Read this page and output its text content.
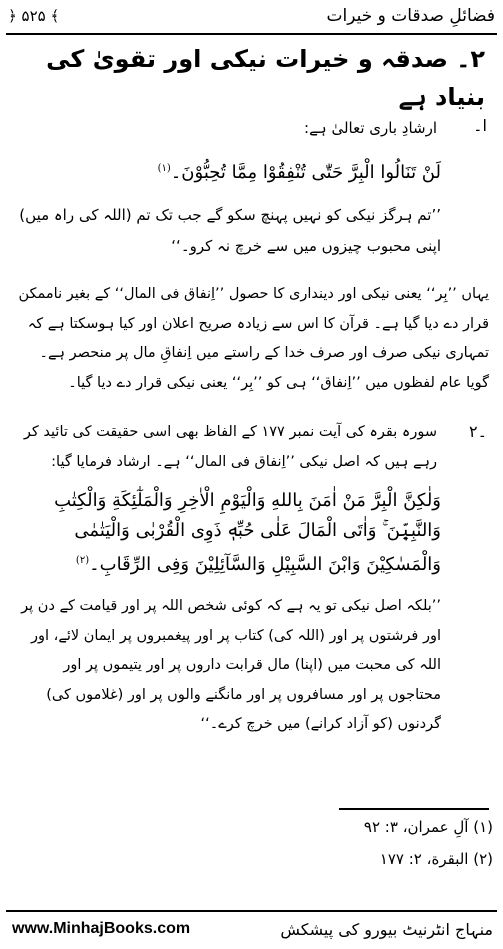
﴿ ۵۲۵ ﴾	فضائلِ صدقات و خیرات
۲۔ صدقہ و خیرات نیکی اور تقویٰ کی بنیاد ہے
ا۔
ارشادِ باری تعالیٰ ہے:
لَنْ تَنَالُوا الْبِرَّ حَتّٰی تُنْفِقُوْا مِمَّا تُحِبُّوْنَ۔$^{(۱)}$
’’تم ہرگز نیکی کو نہیں پہنچ سکو گے جب تک تم (اللہ کی راہ میں) اپنی محبوب چیزوں میں سے خرچ نہ کرو۔‘‘
یہاں ’’بِر‘‘ یعنی نیکی اور دینداری کا حصول ’’اِنفاق فی المال‘‘ کے بغیر ناممکن قرار دے دیا گیا ہے۔ قرآن کا اس سے زیادہ صریح اعلان اور کیا ہوسکتا ہے کہ تمہاری نیکی صرف اور صرف خدا کے راستے میں اِنفاقِ مال پر منحصر ہے۔ گویا عام لفظوں میں ’’اِنفاق‘‘ ہی کو ’’بِر‘‘ یعنی نیکی قرار دے دیا گیا۔
۲۔
سورہ بقرہ کی آیت نمبر ۱۷۷ کے الفاظ بھی اسی حقیقت کی تائید کر رہے ہیں کہ اصل نیکی ’’اِنفاق فی المال‘‘ ہے۔ ارشاد فرمایا گیا:
وَلٰکِنَّ الْبِرَّ مَنْ اٰمَنَ بِاللهِ وَالْيَوْمِ الْاٰخِرِ وَالْمَلٰٓئِکَةِ وَالْکِتٰبِ وَالنَّبِيّٖنَ ۚ وَاٰتَی الْمَالَ عَلٰی حُبِّهٖ ذَوِی الْقُرْبٰی وَالْيَتٰمٰی وَالْمَسٰکِيْنَ وَابْنَ السَّبِيْلِ وَالسَّآئِلِيْنَ وَفِی الرِّقَابِ۔$^{(۲)}$
’’بلکہ اصل نیکی تو یہ ہے کہ کوئی شخص اللہ پر اور قیامت کے دن پر اور فرشتوں پر اور (اللہ کی) کتاب پر اور پیغمبروں پر ایمان لائے، اور اللہ کی محبت میں (اپنا) مال قرابت داروں پر اور یتیموں پر اور محتاجوں پر اور مسافروں پر اور مانگنے والوں پر اور (غلاموں کی) گردنوں (کو آزاد کرانے) میں خرچ کرے۔‘‘
(۱) آلِ عمران، ۳: ۹۲
(۲) البقرة، ۲: ۱۷۷
www.MinhajBooks.com	منہاج انٹرنیٹ بیورو کی پیشکش
